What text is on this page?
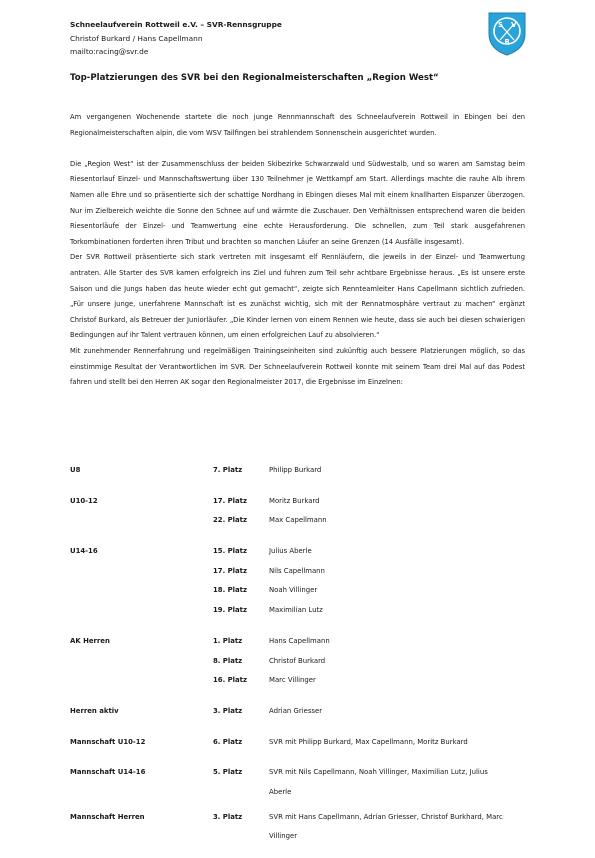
Schneelaufverein Rottweil e.V. – SVR-Rennsgruppe
Christof Burkard / Hans Capellmann
mailto:racing@svr.de
S V
R
Top-Platzierungen des SVR bei den Regionalmeisterschaften „Region West“

Am vergangenen Wochenende startete die noch junge Rennmannschaft des Schneelaufverein Rottweil in Ebingen bei den Regionalmeisterschaften alpin, die vom WSV Tailfingen bei strahlendem Sonnenschein ausgerichtet wurden.

Die „Region West“ ist der Zusammenschluss der beiden Skibezirke Schwarzwald und Südwestalb, und so waren am Samstag beim Riesentorlauf Einzel- und Mannschaftswertung über 130 Teilnehmer je Wettkampf am Start. Allerdings machte die rauhe Alb ihrem Namen alle Ehre und so präsentierte sich der schattige Nordhang in Ebingen dieses Mal mit einem knallharten Eispanzer überzogen. Nur im Zielbereich weichte die Sonne den Schnee auf und wärmte die Zuschauer. Den Verhältnissen entsprechend waren die beiden Riesentorläufe der Einzel- und Teamwertung eine echte Herausforderung. Die schnellen, zum Teil stark ausgefahrenen Torkombinationen forderten ihren Tribut und brachten so manchen Läufer an seine Grenzen (14 Ausfälle insgesamt).

Der SVR Rottweil präsentierte sich stark vertreten mit insgesamt elf Rennläufern, die jeweils in der Einzel- und Teamwertung antraten. Alle Starter des SVR kamen erfolgreich ins Ziel und fuhren zum Teil sehr achtbare Ergebnisse heraus. „Es ist unsere erste Saison und die Jungs haben das heute wieder echt gut gemacht“, zeigte sich Rennteamleiter Hans Capellmann sichtlich zufrieden. „Für unsere junge, unerfahrene Mannschaft ist es zunächst wichtig, sich mit der Rennatmosphäre vertraut zu machen“ ergänzt Christof Burkard, als Betreuer der Juniorläufer. „Die Kinder lernen von einem Rennen wie heute, dass sie auch bei diesen schwierigen Bedingungen auf ihr Talent vertrauen können, um einen erfolgreichen Lauf zu absolvieren.“

Mit zunehmender Rennerfahrung und regelmäßigen Trainingseinheiten sind zukünftig auch bessere Platzierungen möglich, so das einstimmige Resultat der Verantwortlichen im SVR. Der Schneelaufverein Rottweil konnte mit seinem Team drei Mal auf das Podest fahren und stellt bei den Herren AK sogar den Regionalmeister 2017, die Ergebnisse im Einzelnen:

U8	7. Platz	Philipp Burkard
U10-12	17. Platz	Moritz Burkard
22. Platz	Max Capellmann
U14-16	15. Platz	Julius Aberle
17. Platz	Nils Capellmann
18. Platz	Noah Villinger
19. Platz	Maximilian Lutz
AK Herren	1. Platz	Hans Capellmann
8. Platz	Christof Burkard
16. Platz	Marc Villinger
Herren aktiv	3. Platz	Adrian Griesser
Mannschaft U10-12	6. Platz	SVR mit Philipp Burkard, Max Capellmann, Moritz Burkard
Mannschaft U14-16	5. Platz	SVR mit Nils Capellmann, Noah Villinger, Maximilian Lutz, Julius Aberle
Mannschaft Herren	3. Platz	SVR mit Hans Capellmann, Adrian Griesser, Christof Burkhard, Marc Villinger
